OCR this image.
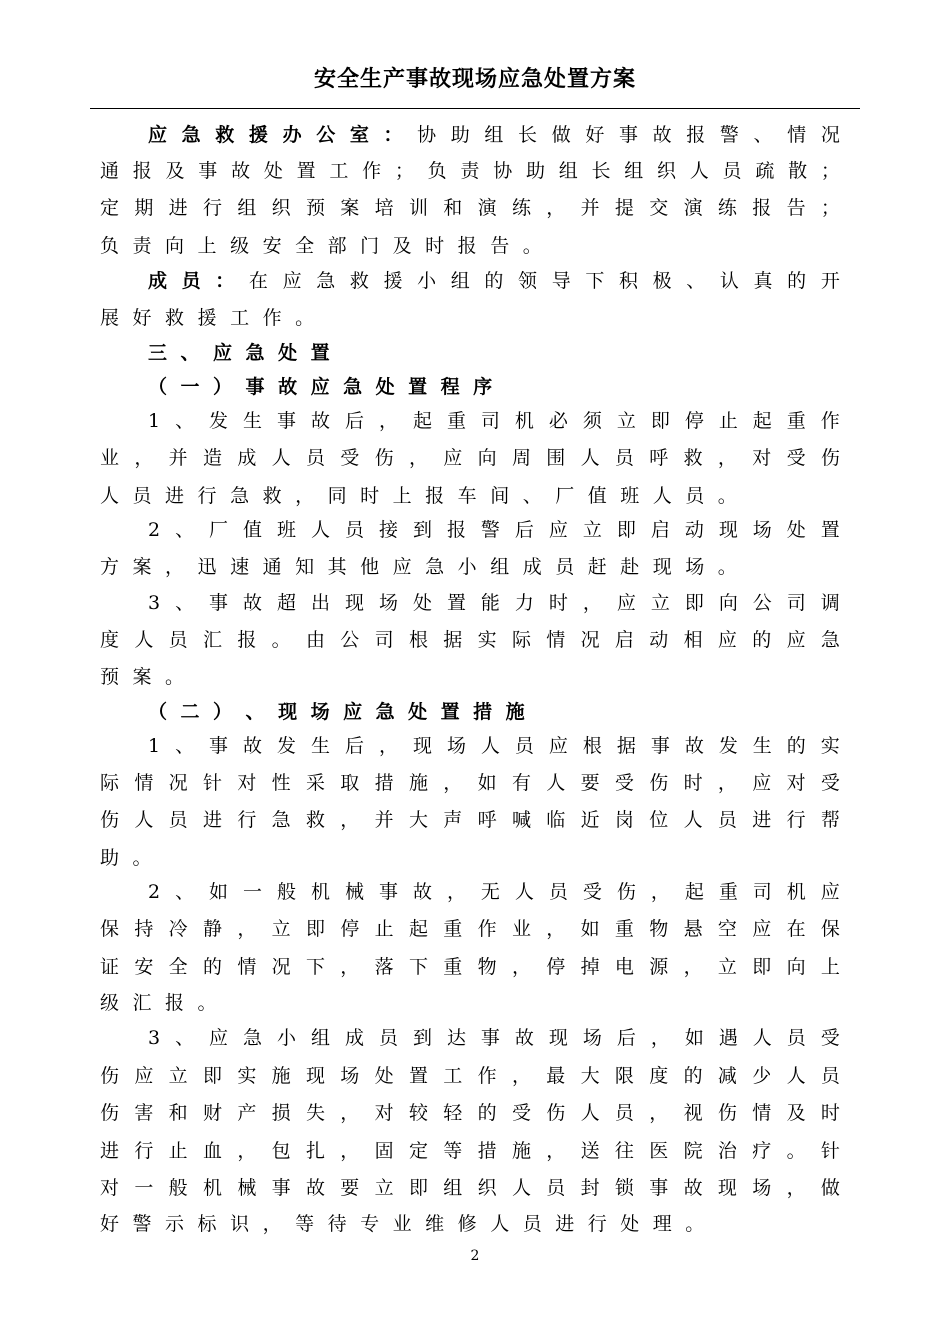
安全生产事故现场应急处置方案
应 急 救 援 办 公 室 ： 协 助 组 长 做 好 事 故 报 警 、 情 况
通 报 及 事 故 处 置 工 作 ； 负 责 协 助 组 长 组 织 人 员 疏 散 ；
定 期 进 行 组 织 预 案 培 训 和 演 练 ， 并 提 交 演 练 报 告 ；
负 责 向 上 级 安 全 部 门 及 时 报 告 。
成 员 ： 在 应 急 救 援 小 组 的 领 导 下 积 极 、 认 真 的 开
展 好 救 援 工 作 。
三 、 应 急 处 置
（ 一 ） 事 故 应 急 处 置 程 序
1 、 发 生 事 故 后 ， 起 重 司 机 必 须 立 即 停 止 起 重 作
业 ， 并 造 成 人 员 受 伤 ， 应 向 周 围 人 员 呼 救 ， 对 受 伤
人 员 进 行 急 救 ， 同 时 上 报 车 间 、 厂 值 班 人 员 。
2 、 厂 值 班 人 员 接 到 报 警 后 应 立 即 启 动 现 场 处 置
方 案 ， 迅 速 通 知 其 他 应 急 小 组 成 员 赶 赴 现 场 。
3 、 事 故 超 出 现 场 处 置 能 力 时 ， 应 立 即 向 公 司 调
度 人 员 汇 报 。 由 公 司 根 据 实 际 情 况 启 动 相 应 的 应 急
预 案 。
（ 二 ） 、 现 场 应 急 处 置 措 施
1 、 事 故 发 生 后 ， 现 场 人 员 应 根 据 事 故 发 生 的 实
际 情 况 针 对 性 采 取 措 施 ， 如 有 人 要 受 伤 时 ， 应 对 受
伤 人 员 进 行 急 救 ， 并 大 声 呼 喊 临 近 岗 位 人 员 进 行 帮
助 。
2 、 如 一 般 机 械 事 故 ， 无 人 员 受 伤 ， 起 重 司 机 应
保 持 冷 静 ， 立 即 停 止 起 重 作 业 ， 如 重 物 悬 空 应 在 保
证 安 全 的 情 况 下 ， 落 下 重 物 ， 停 掉 电 源 ， 立 即 向 上
级 汇 报 。
3 、 应 急 小 组 成 员 到 达 事 故 现 场 后 ， 如 遇 人 员 受
伤 应 立 即 实 施 现 场 处 置 工 作 ， 最 大 限 度 的 减 少 人 员
伤 害 和 财 产 损 失 ， 对 较 轻 的 受 伤 人 员 ， 视 伤 情 及 时
进 行 止 血 ， 包 扎 ， 固 定 等 措 施 ， 送 往 医 院 治 疗 。 针
对 一 般 机 械 事 故 要 立 即 组 织 人 员 封 锁 事 故 现 场 ， 做
好 警 示 标 识 ， 等 待 专 业 维 修 人 员 进 行 处 理 。
2
